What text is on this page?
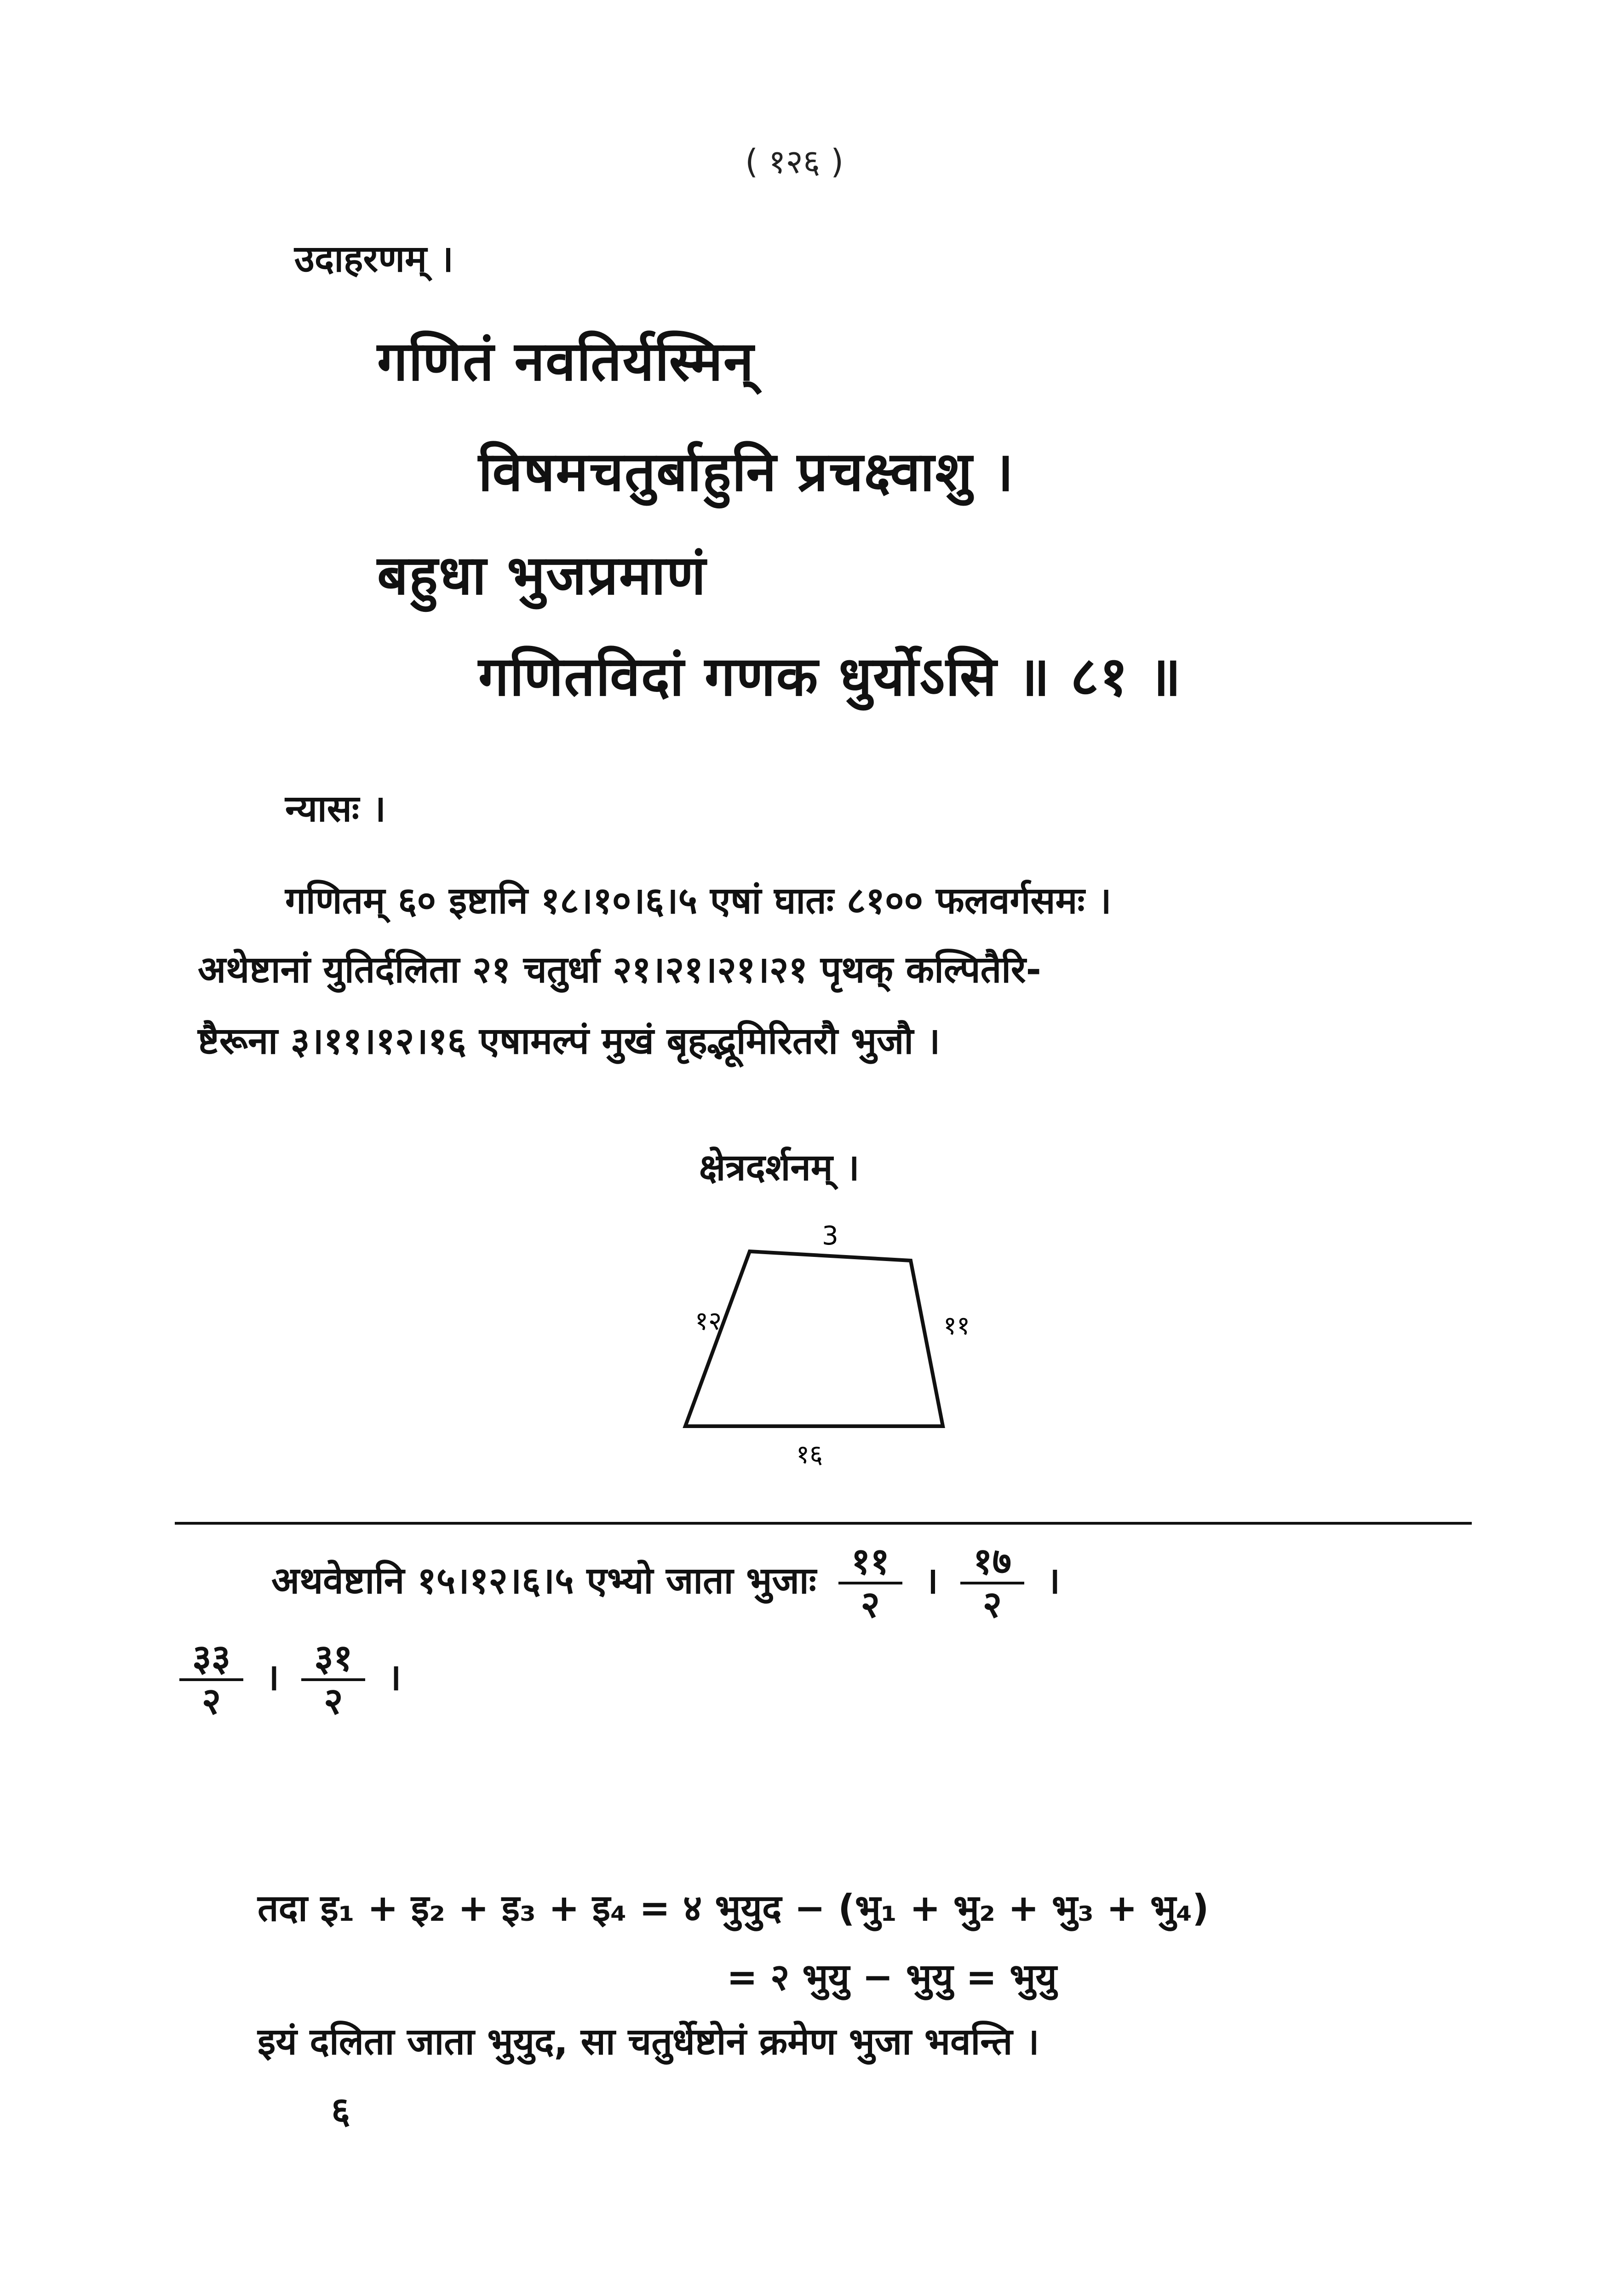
( १२६ )
उदाहरणम् ।
गणितं नवतिर्यस्मिन्
विषमचतुर्बाहुनि प्रचक्ष्वाशु ।
बहुधा भुजप्रमाणं
गणितविदां गणक धुर्योऽसि ॥ ८१ ॥
न्यासः ।
गणितम् ६० इष्टानि १८।१०।६।५ एषां घातः ८१०० फलवर्गसमः ।
अथेष्टानां युतिर्दलिता २१ चतुर्धा २१।२१।२१।२१ पृथक् कल्पितैरि-
ष्टैरूना ३।११।१२।१६ एषामल्पं मुखं बृहद्भूमिरितरौ भुजौ ।
क्षेत्रदर्शनम् ।
3
१२	११
१६
अथवेष्टानि १५।१२।६।५ एभ्यो जाता भुजाः $\frac{११}{२}$ । $\frac{१७}{२}$ ।
$\frac{३३}{२}$ । $\frac{३१}{२}$ ।
तदा इ₁ + इ₂ + इ₃ + इ₄ = ४ भुयुद − (भु₁ + भु₂ + भु₃ + भु₄)
= २ भुयु − भुयु = भुयु
इयं दलिता जाता भुयुद, सा चतुर्धेष्टोनं क्रमेण भुजा भवन्ति ।
६
